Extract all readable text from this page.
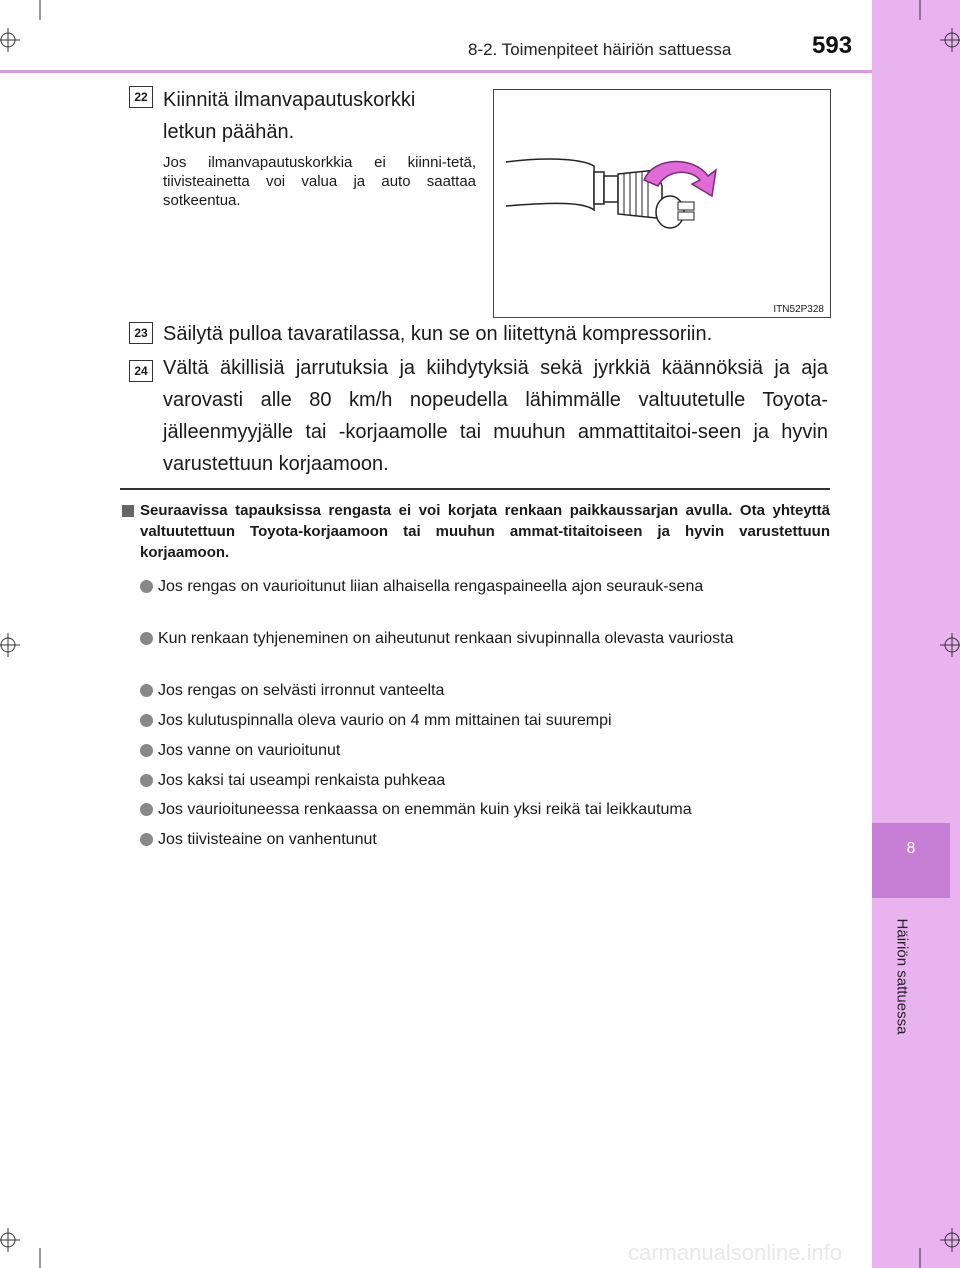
8
Häiriön sattuessa
8-2. Toimenpiteet häiriön sattuessa	593
22 Kiinnitä ilmanvapautuskorkki
letkun päähän.
Jos ilmanvapautuskorkkia ei kiinni-tetä, tiivisteainetta voi valua ja auto saattaa sotkeentua.
ITN52P328
23 Säilytä pulloa tavaratilassa, kun se on liitettynä kompressoriin.
24 Vältä äkillisiä jarrutuksia ja kiihdytyksiä sekä jyrkkiä käännöksiä ja aja varovasti alle 80 km/h nopeudella lähimmälle valtuutetulle Toyota-jälleenmyyjälle tai -korjaamolle tai muuhun ammattitaitoi-seen ja hyvin varustettuun korjaamoon.
Seuraavissa tapauksissa rengasta ei voi korjata renkaan paikkaussarjan avulla. Ota yhteyttä valtuutettuun Toyota-korjaamoon tai muuhun ammat-titaitoiseen ja hyvin varustettuun korjaamoon.
Jos rengas on vaurioitunut liian alhaisella rengaspaineella ajon seurauk-sena
Kun renkaan tyhjeneminen on aiheutunut renkaan sivupinnalla olevasta vauriosta
Jos rengas on selvästi irronnut vanteelta
Jos kulutuspinnalla oleva vaurio on 4 mm mittainen tai suurempi
Jos vanne on vaurioitunut
Jos kaksi tai useampi renkaista puhkeaa
Jos vaurioituneessa renkaassa on enemmän kuin yksi reikä tai leikkautuma
Jos tiivisteaine on vanhentunut
carmanualsonline.info
